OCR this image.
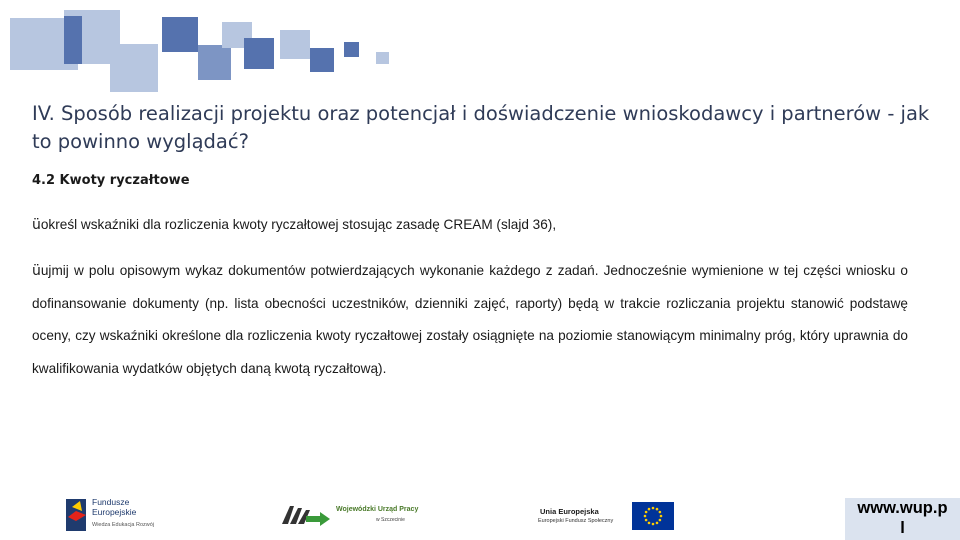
IV. Sposób realizacji projektu oraz potencjał i doświadczenie wnioskodawcy i partnerów - jak to powinno wyglądać?
4.2 Kwoty ryczałtowe
üokreśl wskaźniki dla rozliczenia kwoty ryczałtowej stosując zasadę CREAM (slajd 36),
üujmij w polu opisowym wykaz dokumentów potwierdzających wykonanie każdego z zadań. Jednocześnie wymienione w tej części wniosku o dofinansowanie dokumenty (np. lista obecności uczestników, dzienniki zajęć, raporty) będą w trakcie rozliczania projektu stanowić podstawę oceny, czy wskaźniki określone dla rozliczenia kwoty ryczałtowej zostały osiągnięte na poziomie stanowiącym minimalny próg, który uprawnia do kwalifikowania wydatków objętych daną kwotą ryczałtową).
Fundusze
Europejskie
Wiedza Edukacja Rozwój
Wojewódzki Urząd Pracy
w Szczecinie
Unia Europejska
Europejski Fundusz Społeczny
www.wup.p
l
